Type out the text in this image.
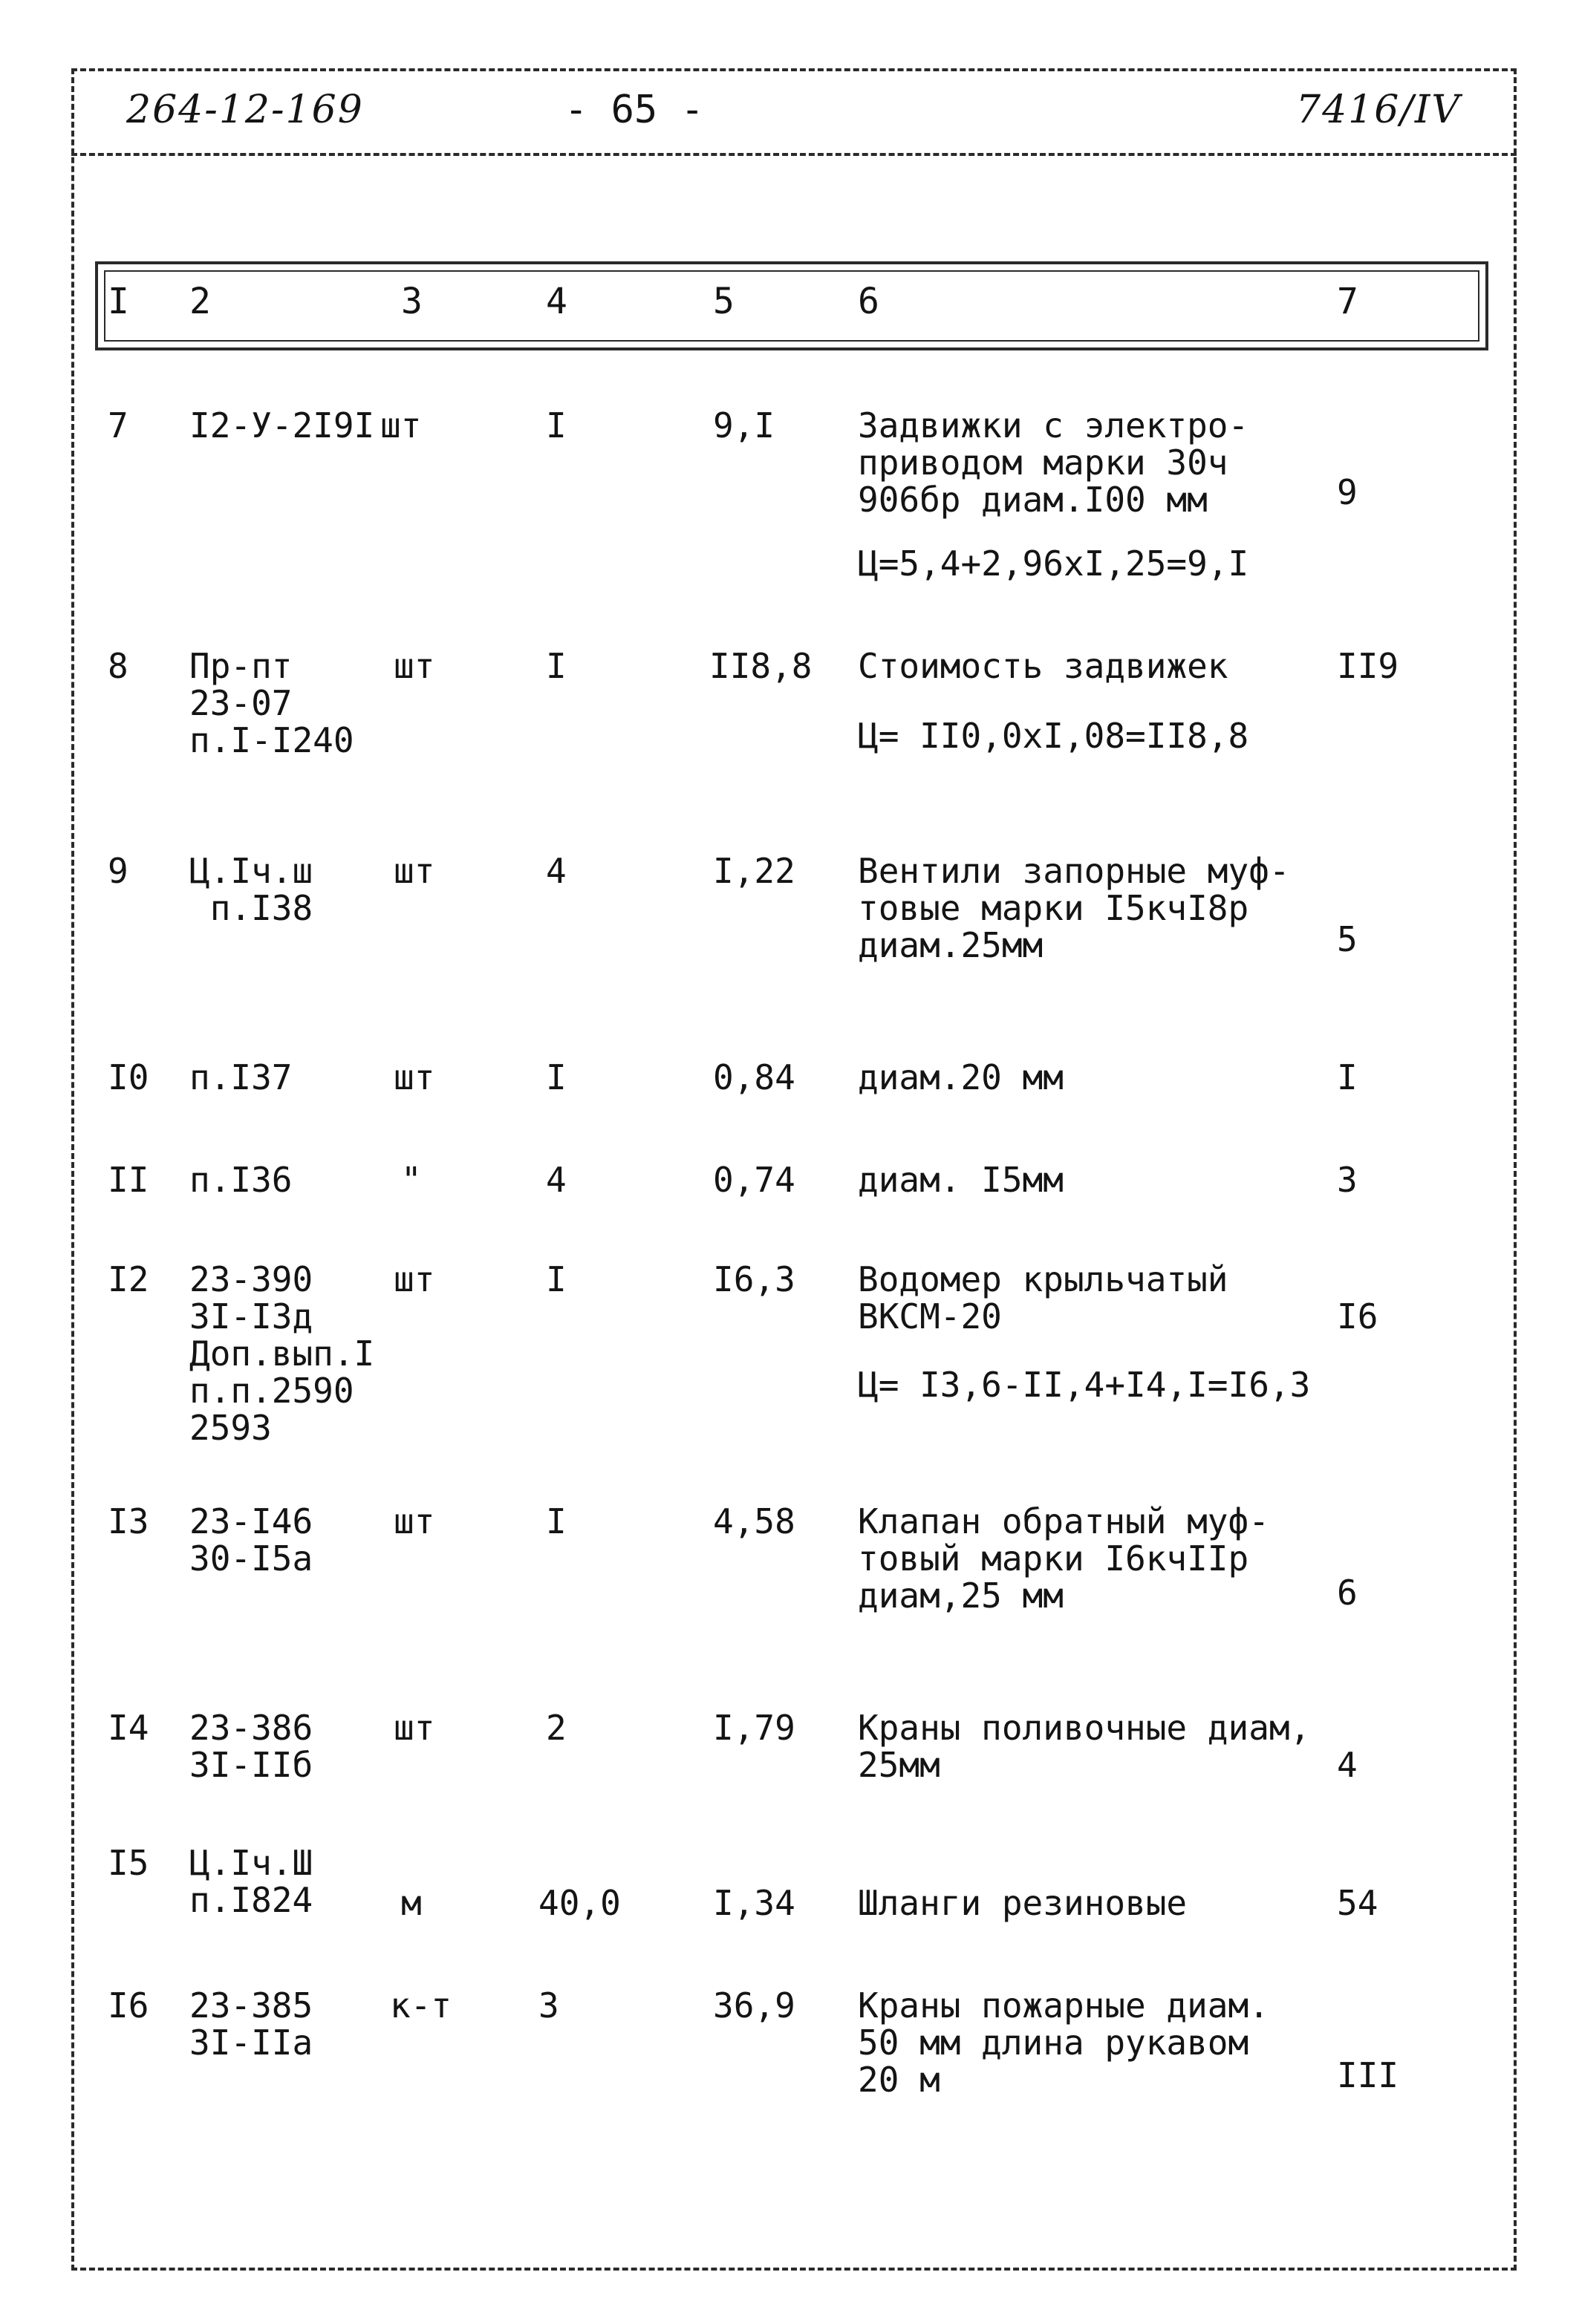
264-12-169	- 65 -	7416/IV
I 2	3	4	5	6	7
7 I2-У-2I9I шт	I	9,I Задвижки с электро-
приводом марки 30ч
906бр диам.I00 мм	9
Ц=5,4+2,96хI,25=9,I
8 Пр-пт
23-07
п.I-I240
шт	I	II8,8 Стоимость задвижек	II9
Ц= II0,0хI,08=II8,8
9 Ц.Iч.ш
п.I38
шт	4	I,22 Вентили запорные муф-
товые марки I5кчI8р
диам.25мм	5
I0 п.I37	шт	I	0,84 диам.20 мм	I
II п.I36	"	4	0,74 диам. I5мм	3
I2 23-390
3I-I3д
Доп.вып.I
п.п.2590
2593
шт	I	I6,3 Водомер крыльчатый
ВКСМ-20	I6
Ц= I3,6-II,4+I4,I=I6,3
I3 23-I46
30-I5а
шт	I	4,58 Клапан обратный муф-
товый марки I6кчIIр
диам,25 мм	6
I4 23-386
3I-IIб
шт	2	I,79 Краны поливочные диам,
25мм	4
I5 Ц.Iч.Ш
п.I824	м	40,0	I,34 Шланги резиновые	54
I6 23-385
3I-IIа
к-т	3	36,9 Краны пожарные диам.
50 мм длина рукавом
20 м	III
